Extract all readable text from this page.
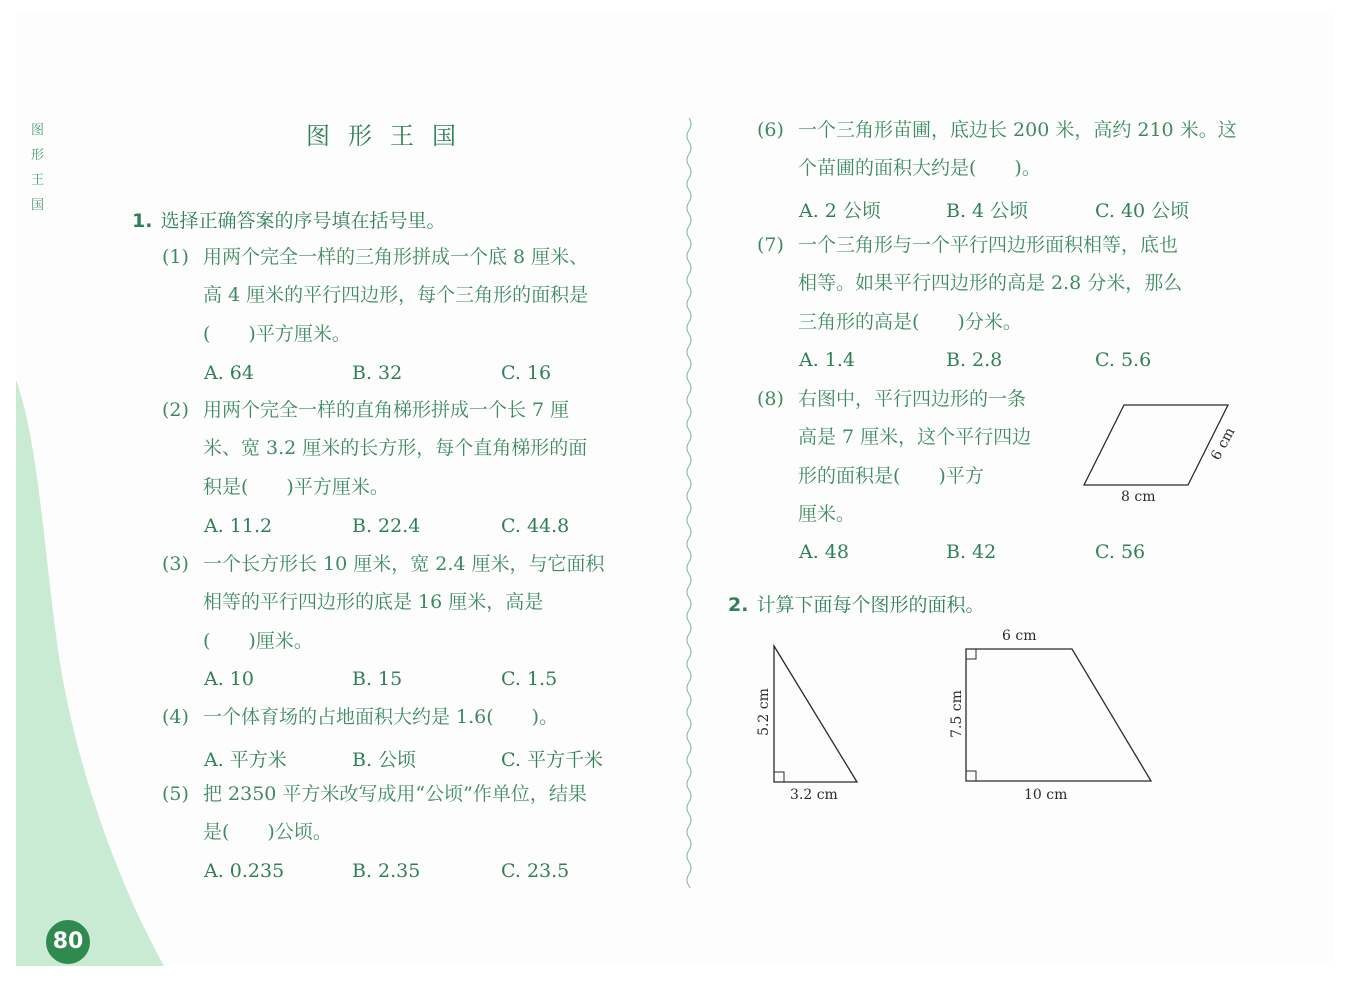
图形王国
80
图形王国
1. 选择正确答案的序号填在括号里。
2. 计算下面每个图形的面积。
(1) 用两个完全一样的三角形拼成一个底 8 厘米、
高 4 厘米的平行四边形，每个三角形的面积是
(　　)平方厘米。
A. 64	B. 32	C. 16
(2) 用两个完全一样的直角梯形拼成一个长 7 厘
米、宽 3.2 厘米的长方形，每个直角梯形的面
积是(　　)平方厘米。
A. 11.2	B. 22.4	C. 44.8
(3) 一个长方形长 10 厘米，宽 2.4 厘米，与它面积
相等的平行四边形的底是 16 厘米，高是
(　　)厘米。
A. 10	B. 15	C. 1.5
(4) 一个体育场的占地面积大约是 1.6(　　)。
A. 平方米	B. 公顷	C. 平方千米
(5) 把 2350 平方米改写成用“公顷”作单位，结果
是(　　)公顷。
A. 0.235	B. 2.35	C. 23.5
(6) 一个三角形苗圃，底边长 200 米，高约 210 米。这
个苗圃的面积大约是(　　)。
A. 2 公顷	B. 4 公顷	C. 40 公顷
(7) 一个三角形与一个平行四边形面积相等，底也
相等。如果平行四边形的高是 2.8 分米，那么
三角形的高是(　　)分米。
A. 1.4	B. 2.8	C. 5.6
(8) 右图中，平行四边形的一条
高是 7 厘米，这个平行四边
形的面积是(　　)平方
厘米。
A. 48	B. 42	C. 56
8 cm
6 cm
5.2 cm
3.2 cm
6 cm
7.5 cm
10 cm
